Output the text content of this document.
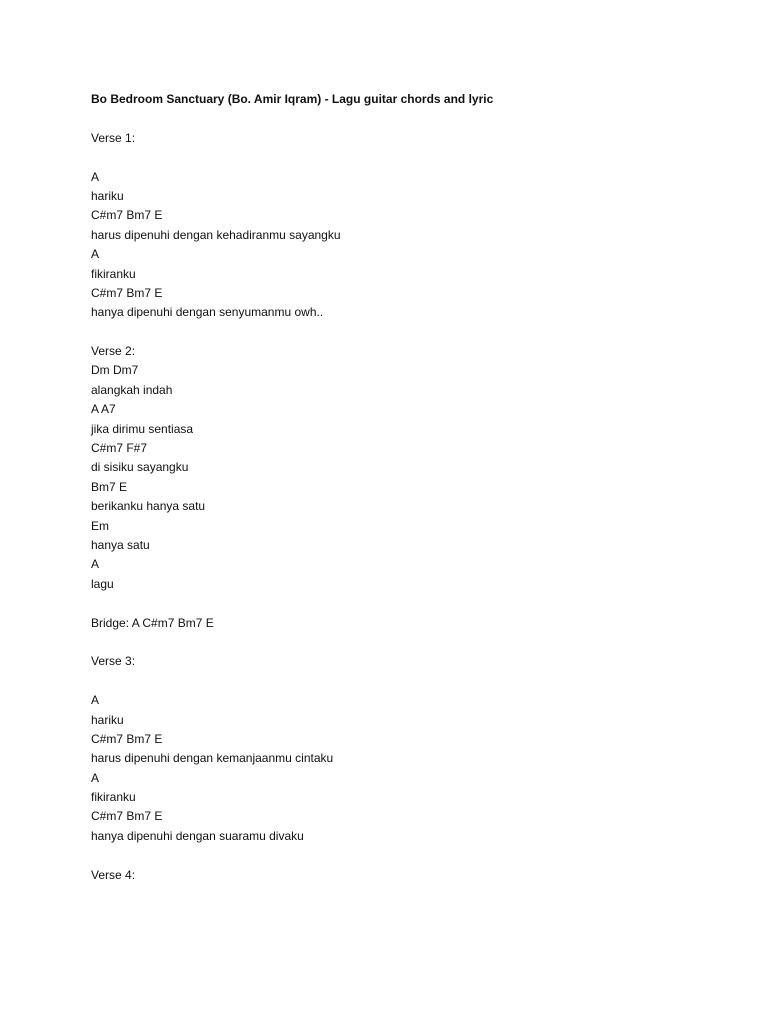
Bo Bedroom Sanctuary (Bo. Amir Iqram) - Lagu guitar chords and lyric
Verse 1:
A
hariku
C#m7 Bm7 E
harus dipenuhi dengan kehadiranmu sayangku
A
fikiranku
C#m7 Bm7 E
hanya dipenuhi dengan senyumanmu owh..
Verse 2:
Dm Dm7
alangkah indah
A A7
jika dirimu sentiasa
C#m7 F#7
di sisiku sayangku
Bm7 E
berikanku hanya satu
Em
hanya satu
A
lagu
Bridge: A C#m7 Bm7 E
Verse 3:
A
hariku
C#m7 Bm7 E
harus dipenuhi dengan kemanjaanmu cintaku
A
fikiranku
C#m7 Bm7 E
hanya dipenuhi dengan suaramu divaku
Verse 4:
